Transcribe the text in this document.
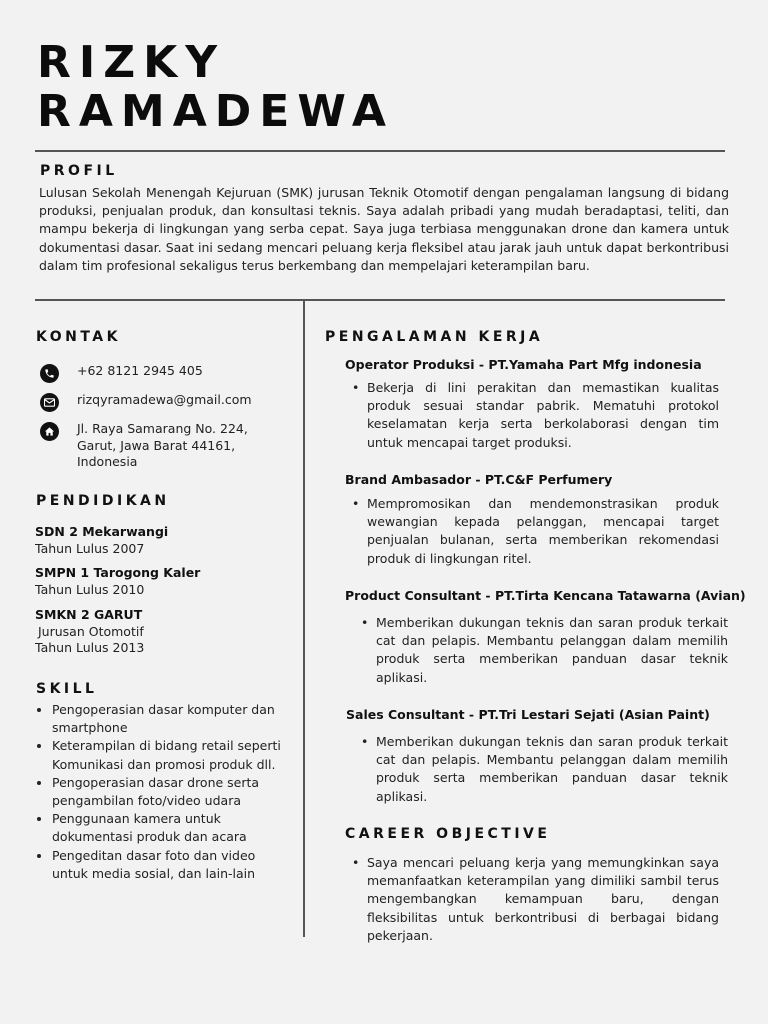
RIZKY
RAMADEWA
PROFIL

Lulusan Sekolah Menengah Kejuruan (SMK) jurusan Teknik Otomotif dengan pengalaman langsung di bidang produksi, penjualan produk, dan konsultasi teknis. Saya adalah pribadi yang mudah beradaptasi, teliti, dan mampu bekerja di lingkungan yang serba cepat. Saya juga terbiasa menggunakan drone dan kamera untuk dokumentasi dasar. Saat ini sedang mencari peluang kerja fleksibel atau jarak jauh untuk dapat berkontribusi dalam tim profesional sekaligus terus berkembang dan mempelajari keterampilan baru.

KONTAK
+62 8121 2945 405
rizqyramadewa@gmail.com
Jl. Raya Samarang No. 224, Garut, Jawa Barat 44161, Indonesia
PENDIDIKAN
SDN 2 Mekarwangi
Tahun Lulus 2007
SMPN 1 Tarogong Kaler
Tahun Lulus 2010
SMKN 2 GARUT
Jurusan Otomotif
Tahun Lulus 2013
SKILL
• Pengoperasian dasar komputer dan smartphone
• Keterampilan di bidang retail seperti Komunikasi dan promosi produk dll.
• Pengoperasian dasar drone serta pengambilan foto/video udara
• Penggunaan kamera untuk dokumentasi produk dan acara
• Pengeditan dasar foto dan video untuk media sosial, dan lain-lain
PENGALAMAN KERJA
Operator Produksi - PT.Yamaha Part Mfg indonesia
• Bekerja di lini perakitan dan memastikan kualitas produk sesuai standar pabrik. Mematuhi protokol keselamatan kerja serta berkolaborasi dengan tim untuk mencapai target produksi.
Brand Ambasador - PT.C&F Perfumery
• Mempromosikan dan mendemonstrasikan produk wewangian kepada pelanggan, mencapai target penjualan bulanan, serta memberikan rekomendasi produk di lingkungan ritel.
Product Consultant - PT.Tirta Kencana Tatawarna (Avian)
• Memberikan dukungan teknis dan saran produk terkait cat dan pelapis. Membantu pelanggan dalam memilih produk serta memberikan panduan dasar teknik aplikasi.
Sales Consultant - PT.Tri Lestari Sejati (Asian Paint)
• Memberikan dukungan teknis dan saran produk terkait cat dan pelapis. Membantu pelanggan dalam memilih produk serta memberikan panduan dasar teknik aplikasi.
CAREER OBJECTIVE
• Saya mencari peluang kerja yang memungkinkan saya memanfaatkan keterampilan yang dimiliki sambil terus mengembangkan kemampuan baru, dengan fleksibilitas untuk berkontribusi di berbagai bidang pekerjaan.
